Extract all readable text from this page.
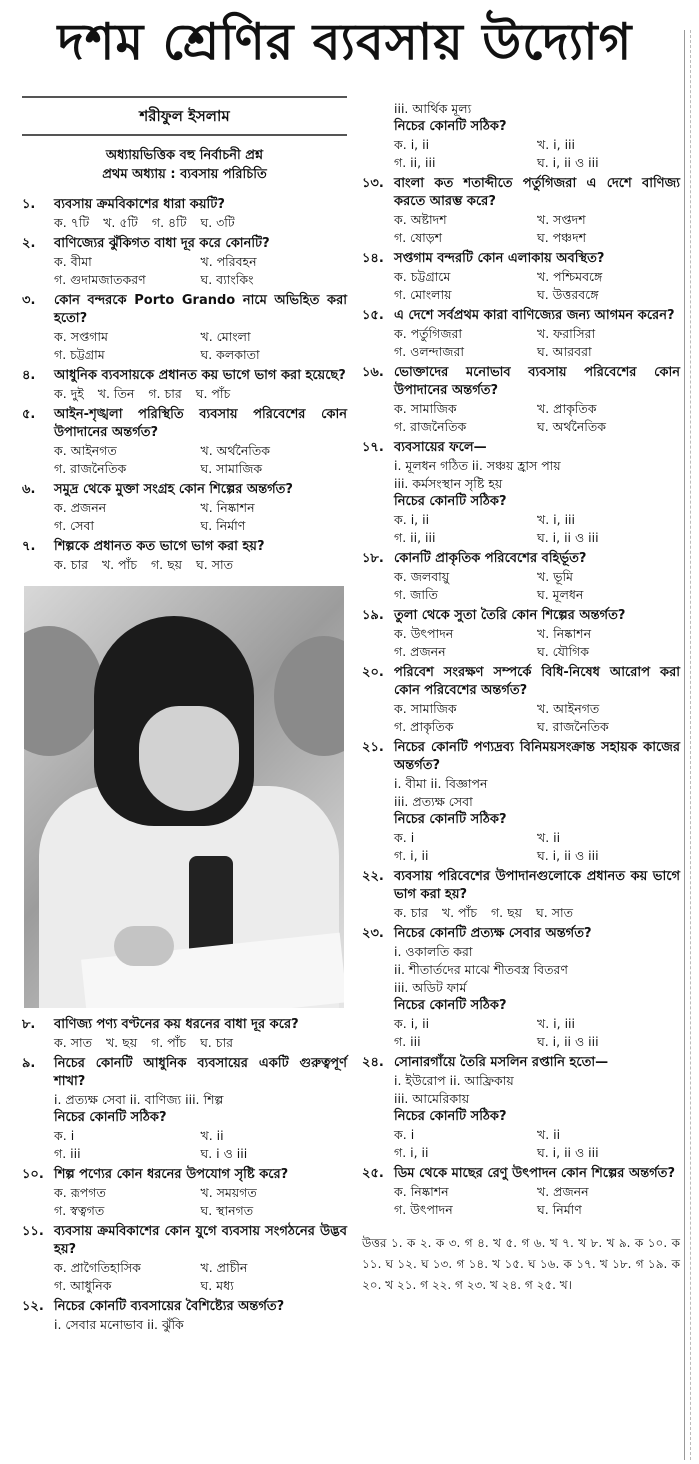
দশম শ্রেণির ব্যবসায় উদ্যোগ
শরীফুল ইসলাম
অধ্যায়ভিত্তিক বহু নির্বাচনী প্রশ্ন
প্রথম অধ্যায় : ব্যবসায় পরিচিতি
১.	ব্যবসায় ক্রমবিকাশের ধারা কয়টি?
ক. ৭টি খ. ৫টি গ. ৪টি ঘ. ৩টি
২.	বাণিজ্যের ঝুঁকিগত বাধা দূর করে কোনটি?
ক. বীমা	খ. পরিবহন
গ. গুদামজাতকরণ	ঘ. ব্যাংকিং
৩.	কোন বন্দরকে Porto Grando নামে অভিহিত করা হতো?
ক. সপ্তগাম	খ. মোংলা
গ. চট্টগ্রাম	ঘ. কলকাতা
৪.	আধুনিক ব্যবসায়কে প্রধানত কয় ভাগে ভাগ করা হয়েছে?
ক. দুই খ. তিন গ. চার ঘ. পাঁচ
৫.	আইন-শৃঙ্খলা পরিস্থিতি ব্যবসায় পরিবেশের কোন উপাদানের অন্তর্গত?
ক. আইনগত	খ. অর্থনৈতিক
গ. রাজনৈতিক	ঘ. সামাজিক
৬.	সমুদ্র থেকে মুক্তা সংগ্রহ কোন শিল্পের অন্তর্গত?
ক. প্রজনন	খ. নিষ্কাশন
গ. সেবা	ঘ. নির্মাণ
৭.	শিল্পকে প্রধানত কত ভাগে ভাগ করা হয়?
ক. চার খ. পাঁচ গ. ছয় ঘ. সাত
৮.	বাণিজ্য পণ্য বণ্টনের কয় ধরনের বাধা দূর করে?
ক. সাত খ. ছয় গ. পাঁচ ঘ. চার
৯.	নিচের কোনটি আধুনিক ব্যবসায়ের একটি গুরুত্বপূর্ণ শাখা?
i. প্রত্যক্ষ সেবা ii. বাণিজ্য iii. শিল্প
নিচের কোনটি সঠিক?
ক. i	খ. ii
গ. iii	ঘ. i ও iii
১০. শিল্প পণ্যের কোন ধরনের উপযোগ সৃষ্টি করে?
ক. রূপগত	খ. সময়গত
গ. স্বত্বগত	ঘ. স্থানগত
১১. ব্যবসায় ক্রমবিকাশের কোন যুগে ব্যবসায় সংগঠনের উদ্ভব হয়?
ক. প্রাগৈতিহাসিক	খ. প্রাচীন
গ. আধুনিক	ঘ. মধ্য
১২. নিচের কোনটি ব্যবসায়ের বৈশিষ্ট্যের অন্তর্গত?
i. সেবার মনোভাব ii. ঝুঁকি
iii. আর্থিক মূল্য
নিচের কোনটি সঠিক?
ক. i, ii	খ. i, iii
গ. ii, iii	ঘ. i, ii ও iii
১৩. বাংলা কত শতাব্দীতে পর্তুগিজরা এ দেশে বাণিজ্য করতে আরম্ভ করে?
ক. অষ্টাদশ	খ. সপ্তদশ
গ. ষোড়শ	ঘ. পঞ্চদশ
১৪. সপ্তগাম বন্দরটি কোন এলাকায় অবস্থিত?
ক. চট্টগ্রামে	খ. পশ্চিমবঙ্গে
গ. মোংলায়	ঘ. উত্তরবঙ্গে
১৫. এ দেশে সর্বপ্রথম কারা বাণিজ্যের জন্য আগমন করেন?
ক. পর্তুগিজরা	খ. ফরাসিরা
গ. ওলন্দাজরা	ঘ. আরবরা
১৬. ভোক্তাদের মনোভাব ব্যবসায় পরিবেশের কোন উপাদানের অন্তর্গত?
ক. সামাজিক	খ. প্রাকৃতিক
গ. রাজনৈতিক	ঘ. অর্থনৈতিক
১৭. ব্যবসায়ের ফলে—
i. মূলধন গঠিত ii. সঞ্চয় হ্রাস পায়
iii. কর্মসংস্থান সৃষ্টি হয়
নিচের কোনটি সঠিক?
ক. i, ii	খ. i, iii
গ. ii, iii	ঘ. i, ii ও iii
১৮. কোনটি প্রাকৃতিক পরিবেশের বহির্ভূত?
ক. জলবায়ু	খ. ভূমি
গ. জাতি	ঘ. মূলধন
১৯. তুলা থেকে সুতা তৈরি কোন শিল্পের অন্তর্গত?
ক. উৎপাদন	খ. নিষ্কাশন
গ. প্রজনন	ঘ. যৌগিক
২০. পরিবেশ সংরক্ষণ সম্পর্কে বিধি-নিষেধ আরোপ করা কোন পরিবেশের অন্তর্গত?
ক. সামাজিক	খ. আইনগত
গ. প্রাকৃতিক	ঘ. রাজনৈতিক
২১. নিচের কোনটি পণ্যদ্রব্য বিনিময়সংক্রান্ত সহায়ক কাজের অন্তর্গত?
i. বীমা ii. বিজ্ঞাপন
iii. প্রত্যক্ষ সেবা
নিচের কোনটি সঠিক?
ক. i	খ. ii
গ. i, ii	ঘ. i, ii ও iii
২২. ব্যবসায় পরিবেশের উপাদানগুলোকে প্রধানত কয় ভাগে ভাগ করা হয়?
ক. চার খ. পাঁচ গ. ছয় ঘ. সাত
২৩. নিচের কোনটি প্রত্যক্ষ সেবার অন্তর্গত?
i. ওকালতি করা
ii. শীতার্তদের মাঝে শীতবস্ত্র বিতরণ
iii. অডিট ফার্ম
নিচের কোনটি সঠিক?
ক. i, ii	খ. i, iii
গ. iii	ঘ. i, ii ও iii
২৪. সোনারগাঁয়ে তৈরি মসলিন রপ্তানি হতো—
i. ইউরোপ ii. আফ্রিকায়
iii. আমেরিকায়
নিচের কোনটি সঠিক?
ক. i	খ. ii
গ. i, ii	ঘ. i, ii ও iii
২৫. ডিম থেকে মাছের রেণু উৎপাদন কোন শিল্পের অন্তর্গত?
ক. নিষ্কাশন	খ. প্রজনন
গ. উৎপাদন	ঘ. নির্মাণ
উত্তর ১. ক ২. ক ৩. গ ৪. খ ৫. গ ৬. খ ৭. খ ৮. খ ৯. ক ১০. ক ১১. ঘ ১২. ঘ ১৩. গ ১৪. খ ১৫. ঘ ১৬. ক ১৭. খ ১৮. গ ১৯. ক ২০. খ ২১. গ ২২. গ ২৩. খ ২৪. গ ২৫. খ।
